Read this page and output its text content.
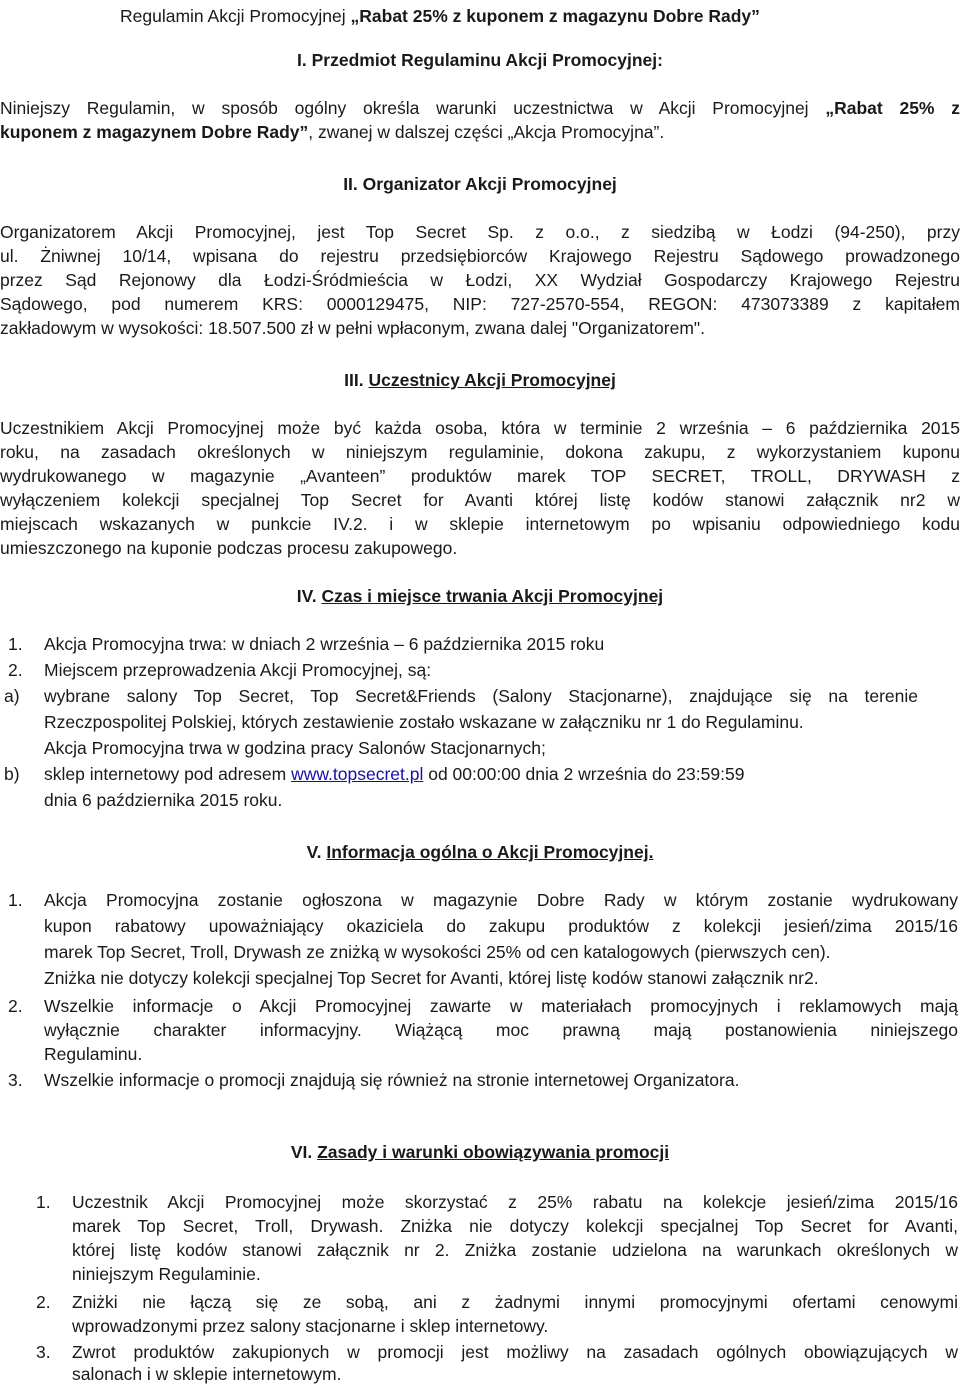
Regulamin Akcji Promocyjnej „Rabat 25% z kuponem z magazynu Dobre Rady”
I. Przedmiot Regulaminu Akcji Promocyjnej:
Niniejszy Regulamin, w sposób ogólny określa warunki uczestnictwa w Akcji Promocyjnej „Rabat 25% z
kuponem z magazynem Dobre Rady”, zwanej w dalszej części „Akcja Promocyjna”.
II. Organizator Akcji Promocyjnej
Organizatorem Akcji Promocyjnej, jest Top Secret Sp. z o.o., z siedzibą w Łodzi (94-250), przy
ul. Żniwnej 10/14, wpisana do rejestru przedsiębiorców Krajowego Rejestru Sądowego prowadzonego
przez Sąd Rejonowy dla Łodzi-Śródmieścia w Łodzi, XX Wydział Gospodarczy Krajowego Rejestru
Sądowego, pod numerem KRS: 0000129475, NIP: 727-2570-554, REGON: 473073389 z kapitałem
zakładowym w wysokości: 18.507.500 zł w pełni wpłaconym, zwana dalej "Organizatorem".
III. Uczestnicy Akcji Promocyjnej
Uczestnikiem Akcji Promocyjnej może być każda osoba, która w terminie 2 września – 6 października 2015
roku, na zasadach określonych w niniejszym regulaminie, dokona zakupu, z wykorzystaniem kuponu
wydrukowanego w magazynie „Avanteen” produktów marek TOP SECRET, TROLL, DRYWASH z
wyłączeniem kolekcji specjalnej Top Secret for Avanti której listę kodów stanowi załącznik nr2 w
miejscach wskazanych w punkcie IV.2. i w sklepie internetowym po wpisaniu odpowiedniego kodu
umieszczonego na kuponie podczas procesu zakupowego.
IV. Czas i miejsce trwania Akcji Promocyjnej
1. Akcja Promocyjna trwa: w dniach 2 września – 6 października 2015 roku
2. Miejscem przeprowadzenia Akcji Promocyjnej, są:
a) wybrane salony Top Secret, Top Secret&Friends (Salony Stacjonarne), znajdujące się na terenie
Rzeczpospolitej Polskiej, których zestawienie zostało wskazane w załączniku nr 1 do Regulaminu.
Akcja Promocyjna trwa w godzina pracy Salonów Stacjonarnych;
b) sklep internetowy pod adresem www.topsecret.pl od 00:00:00 dnia 2 września do 23:59:59
dnia 6 października 2015 roku.
V. Informacja ogólna o Akcji Promocyjnej.
1. Akcja Promocyjna zostanie ogłoszona w magazynie Dobre Rady w którym zostanie wydrukowany
kupon rabatowy upoważniający okaziciela do zakupu produktów z kolekcji jesień/zima 2015/16
marek Top Secret, Troll, Drywash ze zniżką w wysokości 25% od cen katalogowych (pierwszych cen).
Zniżka nie dotyczy kolekcji specjalnej Top Secret for Avanti, której listę kodów stanowi załącznik nr2.
2. Wszelkie informacje o Akcji Promocyjnej zawarte w materiałach promocyjnych i reklamowych mają
wyłącznie charakter informacyjny. Wiążącą moc prawną mają postanowienia niniejszego
Regulaminu.
3. Wszelkie informacje o promocji znajdują się również na stronie internetowej Organizatora.
VI. Zasady i warunki obowiązywania promocji
1. Uczestnik Akcji Promocyjnej może skorzystać z 25% rabatu na kolekcje jesień/zima 2015/16
marek Top Secret, Troll, Drywash. Zniżka nie dotyczy kolekcji specjalnej Top Secret for Avanti,
której listę kodów stanowi załącznik nr 2. Zniżka zostanie udzielona na warunkach określonych w
niniejszym Regulaminie.
2. Zniżki nie łączą się ze sobą, ani z żadnymi innymi promocyjnymi ofertami cenowymi
wprowadzonymi przez salony stacjonarne i sklep internetowy.
3. Zwrot produktów zakupionych w promocji jest możliwy na zasadach ogólnych obowiązujących w
salonach i w sklepie internetowym.
